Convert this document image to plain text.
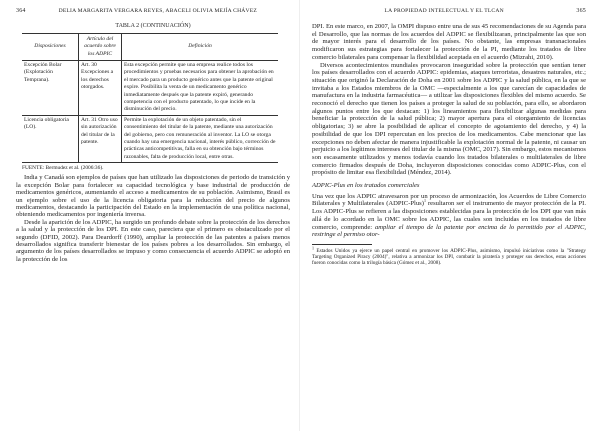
364	DELIA MARGARITA VERGARA REYES, ABACELI OLIVIA MEJÍA CHÁVEZ
TABLA 2 (CONTINUACIÓN)
Disposiciones	Artículo del acuerdo sobre los ADPIC	Definición
Excepción Bolar (Explotación Temprana).	Art. 30 Excepciones a los derechos otorgados.	Esta excepción permite que una empresa realice todos los procedimientos y pruebas necesarios para obtener la aprobación en el mercado para un producto genérico antes que la patente original expire. Posibilita la venta de un medicamento genérico inmediatamente después que la patente expiró, generando competencia con el producto patentado, lo que incide en la disminución del precio.
Licencia obligatoria (LO).	Art. 31 Otro uso sin autorización del titular de la patente.	Permite la explotación de un objeto patentado, sin el consentimiento del titular de la patente, mediante una autorización del gobierno, pero con remuneración al inventor. La LO se otorga cuando hay una emergencia nacional, interés público, corrección de prácticas anticompetitivas, falla en su obtención bajo términos razonables, falta de producción local, entre otras.
FUENTE: Bermudez et al. (2006:36).

India y Canadá son ejemplos de países que han utilizado las disposiciones de periodo de transición y la excepción Bolar para fortalecer su capacidad tecnológica y base industrial de producción de medicamentos genéricos, aumentando el acceso a medicamentos de su población. Asimismo, Brasil es un ejemplo sobre el uso de la licencia obligatoria para la reducción del precio de algunos medicamentos, destacando la participación del Estado en la implementación de una política nacional, obteniendo medicamentos por ingeniería inversa.

Desde la aparición de los ADPIC, ha surgido un profundo debate sobre la protección de los derechos a la salud y la protección de los DPI. En este caso, pareciera que el primero es obstaculizado por el segundo (DFID, 2002). Para Deardorff (1990), ampliar la protección de las patentes a países menos desarrollados significa transferir bienestar de los países pobres a los desarrollados. Sin embargo, el argumento de los países desarrollados se impuso y como consecuencia el acuerdo ADPIC se adoptó en la protección de los

LA PROPIEDAD INTELECTUAL Y EL TLCAN	365

DPI. En este marco, en 2007, la OMPI dispuso entre una de sus 45 recomendaciones de su Agenda para el Desarrollo, que las normas de los acuerdos del ADPIC se flexibilizaran, principalmente las que son de mayor interés para el desarrollo de los países. No obstante, las empresas transnacionales modificaron sus estrategias para fortalecer la protección de la PI, mediante los tratados de libre comercio bilaterales para compensar la flexibilidad aceptada en el acuerdo (Mizrahi, 2010).

Diversos acontecimientos mundiales provocaron inseguridad sobre la protección que sentían tener los países desarrollados con el acuerdo ADPIC: epidemias, ataques terroristas, desastres naturales, etc.; situación que originó la Declaración de Doha en 2001 sobre los ADPIC y la salud pública, en la que se invitaba a los Estados miembros de la OMC —especialmente a los que carecían de capacidades de manufactura en la industria farmacéutica— a utilizar las disposiciones flexibles del mismo acuerdo. Se reconoció el derecho que tienen los países a proteger la salud de su población, para ello, se abordaron algunos puntos entre los que destacan: 1) los lineamientos para flexibilizar algunas medidas para beneficiar la protección de la salud pública; 2) mayor apertura para el otorgamiento de licencias obligatorias; 3) se abre la posibilidad de aplicar el concepto de agotamiento del derecho, y 4) la posibilidad de que los DPI repercutan en los precios de los medicamentos. Cabe mencionar que las excepciones no deben afectar de manera injustificable la explotación normal de la patente, ni causar un perjuicio a los legítimos intereses del titular de la misma (OMC, 2017). Sin embargo, estos mecanismos son escasamente utilizados y menos todavía cuando los tratados bilaterales o multilaterales de libre comercio firmados después de Doha, incluyeron disposiciones conocidas como ADPIC-Plus, con el propósito de limitar esa flexibilidad (Méndez, 2014).

ADPIC-Plus en los tratados comerciales

Una vez que los ADPIC atravesaron por un proceso de armonización, los Acuerdos de Libre Comercio Bilaterales y Multilaterales (ADPIC-Plus)$^1$ resultaron ser el instrumento de mayor protección de la PI. Los ADPIC-Plus se refieren a las disposiciones establecidas para la protección de los DPI que van más allá de lo acordado en la OMC sobre los ADPIC, las cuales son incluidas en los tratados de libre comercio, comprende: ampliar el tiempo de la patente por encima de lo permitido por el ADPIC, restringe el permiso otor-

$^1$ Estados Unidos ya ejerce un papel central en promover los ADPIC-Plus, asimismo, impulsó iniciativas como la "Strategy Targeting Organized Piracy (2004)", relativa a armonizar los DPI, combatir la piratería y proteger sus derechos, estas acciones fueron conocidas como la trilogía básica (Gómez et al., 2008).
